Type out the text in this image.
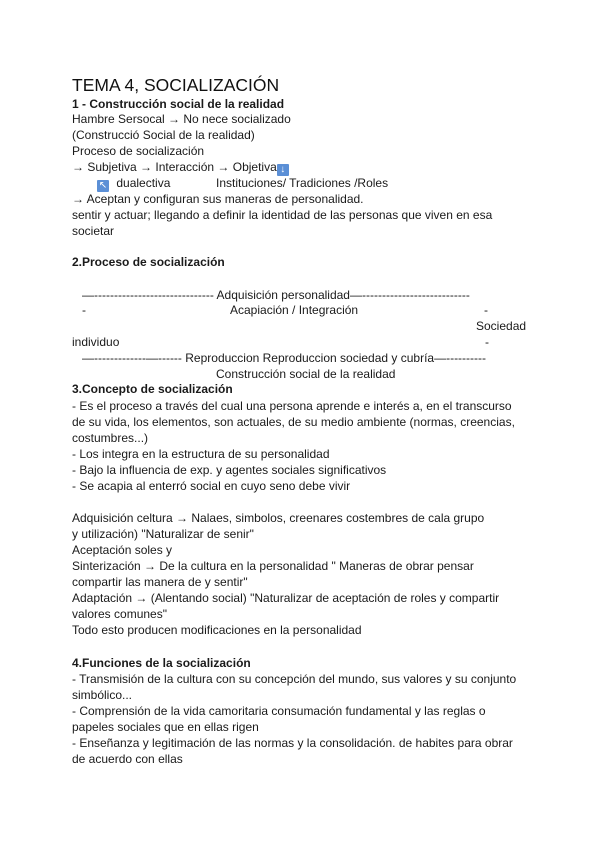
TEMA 4, SOCIALIZACIÓN
1 - Construcción social de la realidad
Hambre Sersocal → No nece socializado
(Construcció Social de la realidad)
Proceso de socialización
→ Subjetiva → Interacción → Objetiva ↓
↖ dualectiva	Instituciones/ Tradiciones /Roles
→ Aceptan y configuran sus maneras de personalidad.
sentir y actuar; llegando a definir la identidad de las personas que viven en esa
societar
2.Proceso de socialización
—------------------------------ Adquisición personalidad—---------------------------
-	Acapiación / Integración	-
Sociedad
individuo	-
—-------------—------ Reproduccion Reproduccion sociedad y cubría—----------
Construcción social de la realidad
3.Concepto de socialización
- Es el proceso a través del cual una persona aprende e interés a, en el transcurso
de su vida, los elementos, son actuales, de su medio ambiente (normas, creencias,
costumbres...)
- Los integra en la estructura de su personalidad
- Bajo la influencia de exp. y agentes sociales significativos
- Se acapia al enterró social en cuyo seno debe vivir
Adquisición celtura → Nalaes, simbolos, creenares costembres de cala grupo
y utilización) "Naturalizar de senir"
Aceptación soles y
Sinterización → De la cultura en la personalidad " Maneras de obrar pensar
compartir las manera de y sentir"
Adaptación → (Alentando social) "Naturalizar de aceptación de roles y compartir
valores comunes"
Todo esto producen modificaciones en la personalidad
4.Funciones de la socialización
- Transmisión de la cultura con su concepción del mundo, sus valores y su conjunto
simbólico...
- Comprensión de la vida camoritaria consumación fundamental y las reglas o
papeles sociales que en ellas rigen
- Enseñanza y legitimación de las normas y la consolidación. de habites para obrar
de acuerdo con ellas
